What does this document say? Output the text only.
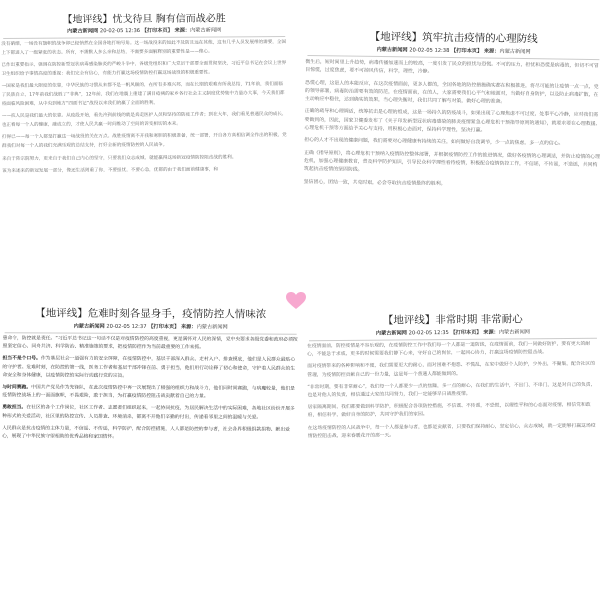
【地评线】忧戈待旦 胸有信而战必胜
内蒙古新闻网 20-02-05 12:36 【打印本页】 来源：内蒙古新闻网

没有硝烟，一场没有旗帜的战争却已经悄然在全国各地打响号角。这一场战役来的如此不及防且远在其他，这有几乎人员发展带的需要，全国上下都进入了一级紧张的状态。所有，不需默人多么亲和总结，不需要多面解释别的重要性是——像心。

已作出重要指示，强调在防控新型冠状病毒感染肺炎的严峻斗争中，各级党组织和广大党员干部要全面贯彻坚决，习近平总书记在会议上世界卫生组织给予事情高度的重视：我们完全有信心，有能力打赢这场疫情防控打赢这场战役的积极重要性。

—国家是我们最大限度的依靠，中华民族的习惯从来都不是一帆风顺的，在所有多难兴邦，而在长期的艰难有所我总结，71年前，我们面临了民族自立，17年前我们战胜了“非典”，12年前，我们在地震上重建了满目疮痍的家乡各行社会主义制度优势集中力量办大事，今天我们都将面临风险困难，从中央到地方“四面书记”战役以来我们的赢了全面的胜利。

——抗人民是我们最大的依靠。从疫段开始，看先冷到前线的就是奔走医护人员和坚持的防疫工作者；到在大年，我们看见普通民众的成长，也正看每一个人的健康，融成立的，才使人民共赢一时间维动了空间的诉变相切的本来。

打得已——每一个人都是打赢这一场战役的关在万点。战胜疫情离不开我和寒胆的积极准备，统一部署，开自各方高相信调全作出的积极，党群我们对每一个人的我们充满乐观的总结支持，打好全新的疫情防控的人民战争。

来自于阵宗院努力，更来自于我们自己内心的坚守，只要我们众志成城，就能赢得这场新冠疫情防控阻击战的胜利。

该为来述来的新冠发展一部分，像还生活则重了你，不要担忧，不要心急，优都的由于我们面前健康事，和

【地评线】筑牢抗击疫情的心理防线
内蒙古新闻网 20-02-05 12:38 【打印本页】 来源：内蒙古新闻网

微生后，短时间里上升趋势，病毒传播加速而上的较高，一度引发了民众的担忧与恐慌。不可的压力，担忧和恐慌是病毒的，但切不可冒目惊慌，过度焦虑，要不可掉风传信，科学，理性，冷静。

恐慌心理，这是人的本能反应，在这次疫情面前，更多人都的，全国各地的防控措施确实都在积极推进，将尽可能的让疫情一点一点，党的领导部署，病毒防治需要有效的防范，在疫情面前，在的人，大家需要我们心平气和地面对，当做好自身防护，以及防止病毒扩散，在主动响应中稳住，达到确实的效果，当心理失衡时，我们共同了解与对策，做好心理的准备。

正确的疏导和心理调适，统筹抗击是心理的组成，这是一场持久的防疫战斗，如果出现了心理焦虑不可过度，处事平心冷静，应对我们需要做到的，因此，国家卫健委发布了《关于印发新型冠状病毒感染的肺炎疫情紧急心理危机干预指导原则的通知》，就要求要在心理救援、心理危机干预等方面给予关心与支持，用积极心态面对，保持科学理性，坚决打赢。

担心的人才不出现的健康问题，我们需要对心理健康有持续的关注，如何做好自我调节，少一点的焦虑，多一点的信心。

正确《指导原则》，将心理危机干预纳入疫情防控整体部署，并根据疫情防控工作的推进情况，做好各疫情的心理调适，并防止疫情的心理危机，加强心理健康教育，普及科学防护知识，引导民众科学理性看待疫情，积极配合疫情防控工作，不信谣，不传谣，不造谣，共同构筑起抗击疫情的坚固防线。

坚信团心，团结一致，共克时艰，必会夺取抗击疫情最终的胜利。

【地评线】危难时刻各显身手，疫情防控人情味浓
内蒙古新闻网 20-02-05 12:37 【打印本页】 来源：内蒙古新闻网

患命令，防控就是责任。“习近平总书记这一句话不仅是对疫情防控的高度重视，更是满怀对人民的深情，党中央要求各级党委和政府必须按照坚定信心、同舟共济、科学防治、精准施策的要求，把疫情防控作为当前最重要的工作来抓。

担当不是个口号。作为基层社会一道强有力的安全屏障，在疫情防控中，基层干部深入群众、走村入户、排查摸底，他们是人民群众最贴心的守护者。危难时刻，在防控的第一线，医务工作者和基层干部冲锋在前、勇于担当，他们用行动诠释了初心和使命，守护着人民群众的生命安全和身体健康，以疫情防控的实际行动践行党的宗旨。

与时间赛跑。中国共产党员作为先锋队，在此次疫情防控中再一次展现出了极强的组织力和战斗力，他们同时间赛跑，与病魔较量，他们是疫情防控战场上的一面面旗帜，不畏艰险，敢于担当，为打赢疫情防控阻击战贡献着自己的力量。

勇敢担当。在社区的各个工作岗位，社区工作者、志愿者们组织起来，一起协同抗疫，为居民解决生活中的实际困难，各地社区纷纷开展多种形式的关爱活动，社区里的防控宣传、人员排查、环境消杀，都离不开他们辛勤的付出，传递着邻里之间的温暖与关爱。

人民群众是抗击疫情的主体力量，不信谣、不传谣，科学防护，配合防控措施，人人都是防控的参与者，社会各界积极捐款捐物、献出爱心，展现了中华民族守望相助的优秀品格和家国情怀。

【地评线】非常时期 非常耐心
内蒙古新闻网 20-02-05 12:35 【打印本页】 来源：内蒙古新闻网

在疫情面前，防控疫情是不容乐观的，在疫情防控工作中我们每一个人都是一道防线，在疫情面前，我们一同做好防护，要有更大的耐心，不能急于求成，更多的时候需要我们静下心来，守好自己的岗位，一起同心协力，打赢这场疫情防控阻击战。

面对疫情带来的各种影响和不便，我们需要更大的耐心，面对困难不抱怨、不慌乱，在家中做好个人防护，少外出，不聚集，配合社区的管理，为疫情防控贡献自己的一份力量，这是每一个普通人都能做到的。

“非常时期，要有非常耐心”，我们每一个人都要少一点的焦躁，多一点的耐心，在我们的生活中，不出门、不串门，这是对自己的负责，也是对他人的负责，相信通过大家的共同努力，我们一定能够早日战胜疫情。

居家隔离期间，我们都要做到科学防护，积极配合各项防控措施，不信谣、不传谣，不恐慌，以理性平和的心态面对疫情，相信党和政府，相信科学，做好自身的防护，共同守护我们的家园。

在这场疫情防控的人民战争中，每一个人都是参与者，也都是贡献者，只要我们保持耐心，坚定信心，众志成城，就一定能够打赢这场疫情防控阻击战，迎来春暖花开的那一天。
